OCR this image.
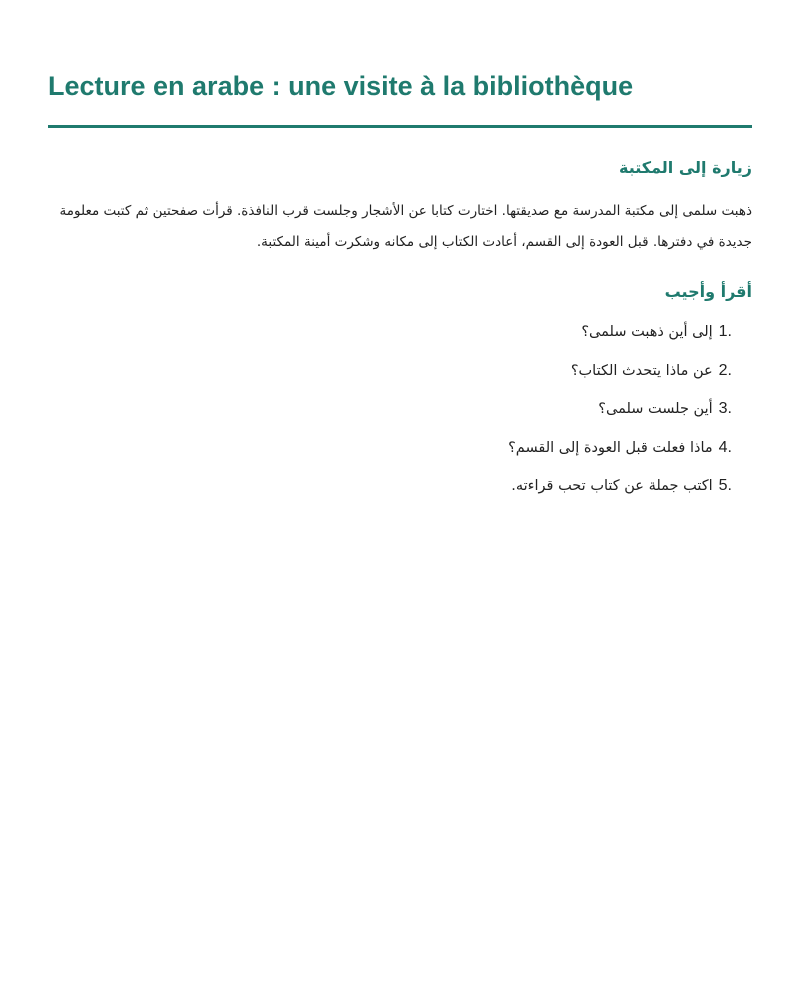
Lecture en arabe : une visite à la bibliothèque
زيارة إلى المكتبة

ذهبت سلمى إلى مكتبة المدرسة مع صديقتها. اختارت كتابا عن الأشجار وجلست قرب النافذة. قرأت صفحتين ثم كتبت معلومة جديدة في دفترها. قبل العودة إلى القسم، أعادت الكتاب إلى مكانه وشكرت أمينة المكتبة.

أقرأ وأجيب
1.
إلى أين ذهبت سلمى؟
2.
عن ماذا يتحدث الكتاب؟
3.
أين جلست سلمى؟
4.
ماذا فعلت قبل العودة إلى القسم؟
5.
اكتب جملة عن كتاب تحب قراءته.
